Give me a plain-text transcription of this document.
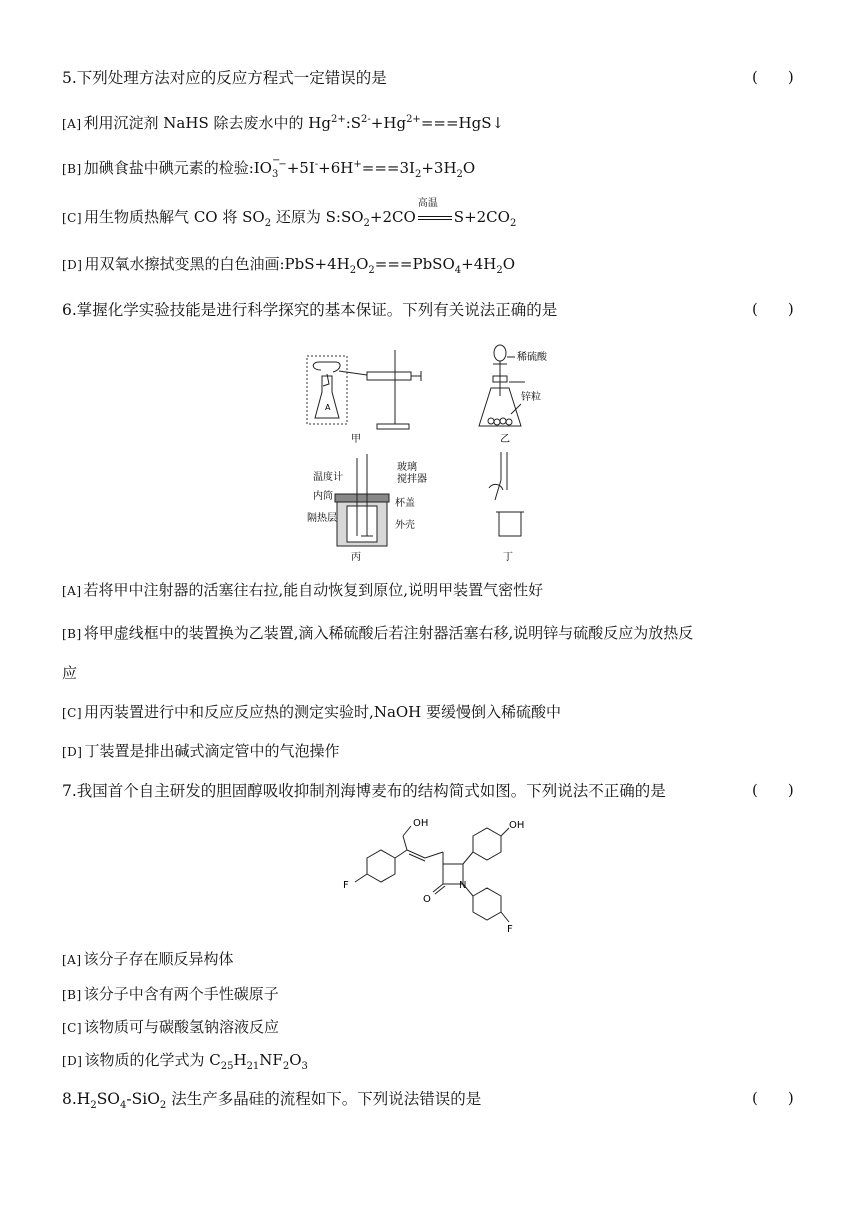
5.下列处理方法对应的反应方程式一定错误的是	(　　)
[A] 利用沉淀剂 NaHS 除去废水中的 $Hg^{2+}:S^{2-}+Hg^{2+}===HgS↓$
[B] 加碘食盐中碘元素的检验:IO $_{- 3}^-+5I^-+6H^+===3I_2+3H_2O$
[C] 用生物质热解气 CO 将 $SO_2$ 还原为 $S:SO_2+2CO$
高温
$S+2CO_2$
[D] 用双氧水擦拭变黑的白色油画$:PbS+4H_2O_2===PbSO_4+4H_2O$
6.掌握化学实验技能是进行科学探究的基本保证。下列有关说法正确的是	(　　)
A
甲
稀硫酸
锌粒
乙
温度计
玻璃
搅拌器
内筒
杯盖
隔热层
外壳
丙	丁
[A] 若将甲中注射器的活塞往右拉,能自动恢复到原位,说明甲装置气密性好
[B] 将甲虚线框中的装置换为乙装置,滴入稀硫酸后若注射器活塞右移,说明锌与硫酸反应为放热反
应
[C] 用丙装置进行中和反应反应热的测定实验时,NaOH 要缓慢倒入稀硫酸中
[D] 丁装置是排出碱式滴定管中的气泡操作
7.我国首个自主研发的胆固醇吸收抑制剂海博麦布的结构简式如图。下列说法不正确的是	(　　)
OH	OH
F
F
N
O
[A] 该分子存在顺反异构体
[B] 该分子中含有两个手性碳原子
[C] 该物质可与碳酸氢钠溶液反应
[D] 该物质的化学式为 $C_{25}H_{21}NF_2O_3$
$8.H_2SO_4-SiO_2$ 法生产多晶硅的流程如下。下列说法错误的是	(　　)
